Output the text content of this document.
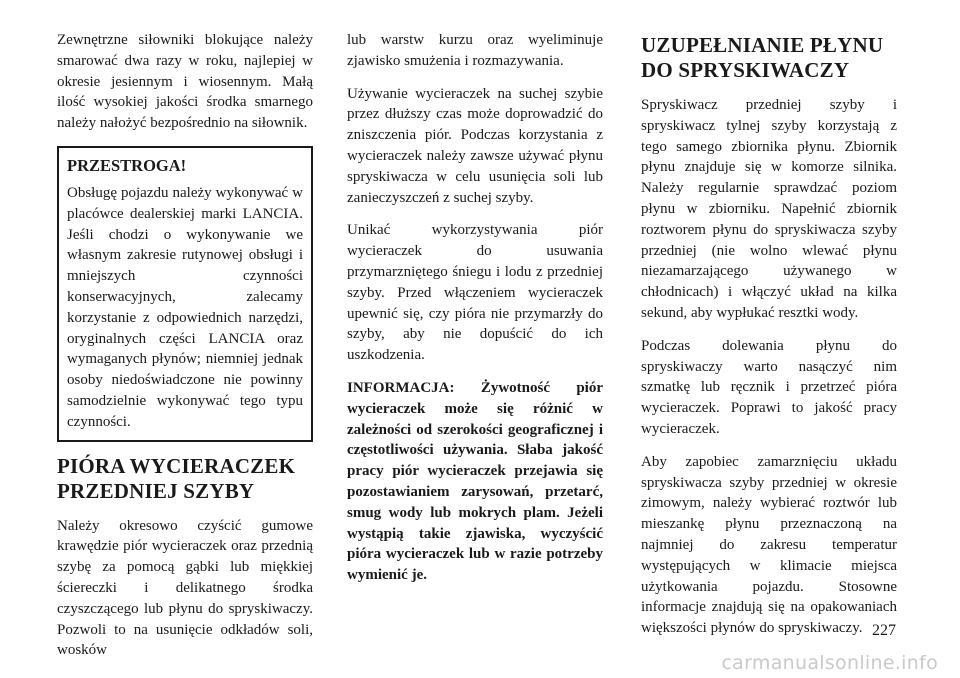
Zewnętrzne siłowniki blokujące należy smarować dwa razy w roku, najlepiej w okresie jesiennym i wiosennym. Małą ilość wysokiej jakości środka smarnego należy nałożyć bezpośrednio na siłownik.

PRZESTROGA!

Obsługę pojazdu należy wykonywać w placówce dealerskiej marki LANCIA. Jeśli chodzi o wykonywanie we własnym zakresie rutynowej obsługi i mniejszych czynności konserwacyjnych, zalecamy korzystanie z odpowiednich narzędzi, oryginalnych części LANCIA oraz wymaganych płynów; niemniej jednak osoby niedoświadczone nie powinny samodzielnie wykonywać tego typu czynności.

PIÓRA WYCIERACZEK PRZEDNIEJ SZYBY

Należy okresowo czyścić gumowe krawędzie piór wycieraczek oraz przednią szybę za pomocą gąbki lub miękkiej ściereczki i delikatnego środka czyszczącego lub płynu do spryskiwaczy. Pozwoli to na usunięcie odkładów soli, wosków

lub warstw kurzu oraz wyeliminuje zjawisko smużenia i rozmazywania.

Używanie wycieraczek na suchej szybie przez dłuższy czas może doprowadzić do zniszczenia piór. Podczas korzystania z wycieraczek należy zawsze używać płynu spryskiwacza w celu usunięcia soli lub zanieczyszczeń z suchej szyby.

Unikać wykorzystywania piór wycieraczek do usuwania przymarzniętego śniegu i lodu z przedniej szyby. Przed włączeniem wycieraczek upewnić się, czy pióra nie przymarzły do szyby, aby nie dopuścić do ich uszkodzenia.

INFORMACJA: Żywotność piór wycieraczek może się różnić w zależności od szerokości geograficznej i częstotliwości używania. Słaba jakość pracy piór wycieraczek przejawia się pozostawianiem zarysowań, przetarć, smug wody lub mokrych plam. Jeżeli wystąpią takie zjawiska, wyczyścić pióra wycieraczek lub w razie potrzeby wymienić je.

UZUPEŁNIANIE PŁYNU DO SPRYSKIWACZY

Spryskiwacz przedniej szyby i spryskiwacz tylnej szyby korzystają z tego samego zbiornika płynu. Zbiornik płynu znajduje się w komorze silnika. Należy regularnie sprawdzać poziom płynu w zbiorniku. Napełnić zbiornik roztworem płynu do spryskiwacza szyby przedniej (nie wolno wlewać płynu niezamarzającego używanego w chłodnicach) i włączyć układ na kilka sekund, aby wypłukać resztki wody.

Podczas dolewania płynu do spryskiwaczy warto nasączyć nim szmatkę lub ręcznik i przetrzeć pióra wycieraczek. Poprawi to jakość pracy wycieraczek.

Aby zapobiec zamarznięciu układu spryskiwacza szyby przedniej w okresie zimowym, należy wybierać roztwór lub mieszankę płynu przeznaczoną na najmniej do zakresu temperatur występujących w klimacie miejsca użytkowania pojazdu. Stosowne informacje znajdują się na opakowaniach większości płynów do spryskiwaczy. 227
carmanualsonline.info
